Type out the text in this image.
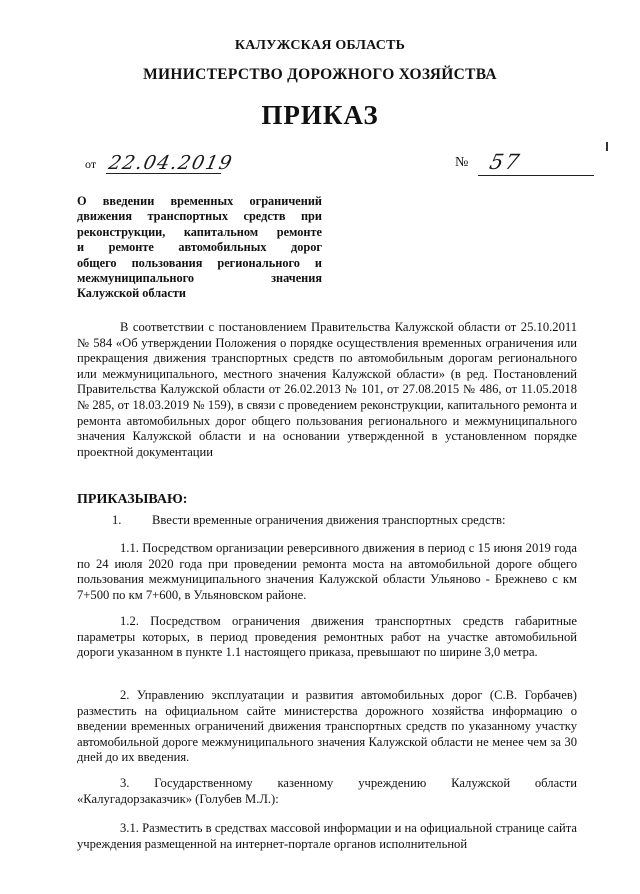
КАЛУЖСКАЯ ОБЛАСТЬ
МИНИСТЕРСТВО ДОРОЖНОГО ХОЗЯЙСТВА
ПРИКАЗ
от 22.04.2019	№ 57
О введении временных ограничений
движения транспортных средств при
реконструкции, капитальном ремонте
и ремонте автомобильных дорог
общего пользования регионального и
межмуниципального значения
Калужской области
В соответствии с постановлением Правительства Калужской области от 25.10.2011 № 584 «Об утверждении Положения о порядке осуществления временных ограничения или прекращения движения транспортных средств по автомобильным дорогам регионального или межмуниципального, местного значения Калужской области» (в ред. Постановлений Правительства Калужской области от 26.02.2013 № 101, от 27.08.2015 № 486, от 11.05.2018 № 285, от 18.03.2019 № 159), в связи с проведением реконструкции, капитального ремонта и ремонта автомобильных дорог общего пользования регионального и межмуниципального значения Калужской области и на основании утвержденной в установленном порядке проектной документации
ПРИКАЗЫВАЮ:
1. Ввести временные ограничения движения транспортных средств:
1.1. Посредством организации реверсивного движения в период с 15 июня 2019 года по 24 июля 2020 года при проведении ремонта моста на автомобильной дороге общего пользования межмуниципального значения Калужской области Ульяново - Брежнево с км 7+500 по км 7+600, в Ульяновском районе.
1.2. Посредством ограничения движения транспортных средств габаритные параметры которых, в период проведения ремонтных работ на участке автомобильной дороги указанном в пункте 1.1 настоящего приказа, превышают по ширине 3,0 метра.
2. Управлению эксплуатации и развития автомобильных дорог (С.В. Горбачев) разместить на официальном сайте министерства дорожного хозяйства информацию о введении временных ограничений движения транспортных средств по указанному участку автомобильной дороге межмуниципального значения Калужской области не менее чем за 30 дней до их введения.
3. Государственному казенному учреждению Калужской области «Калугадорзаказчик» (Голубев М.Л.):
3.1. Разместить в средствах массовой информации и на официальной странице сайта учреждения размещенной на интернет-портале органов исполнительной
